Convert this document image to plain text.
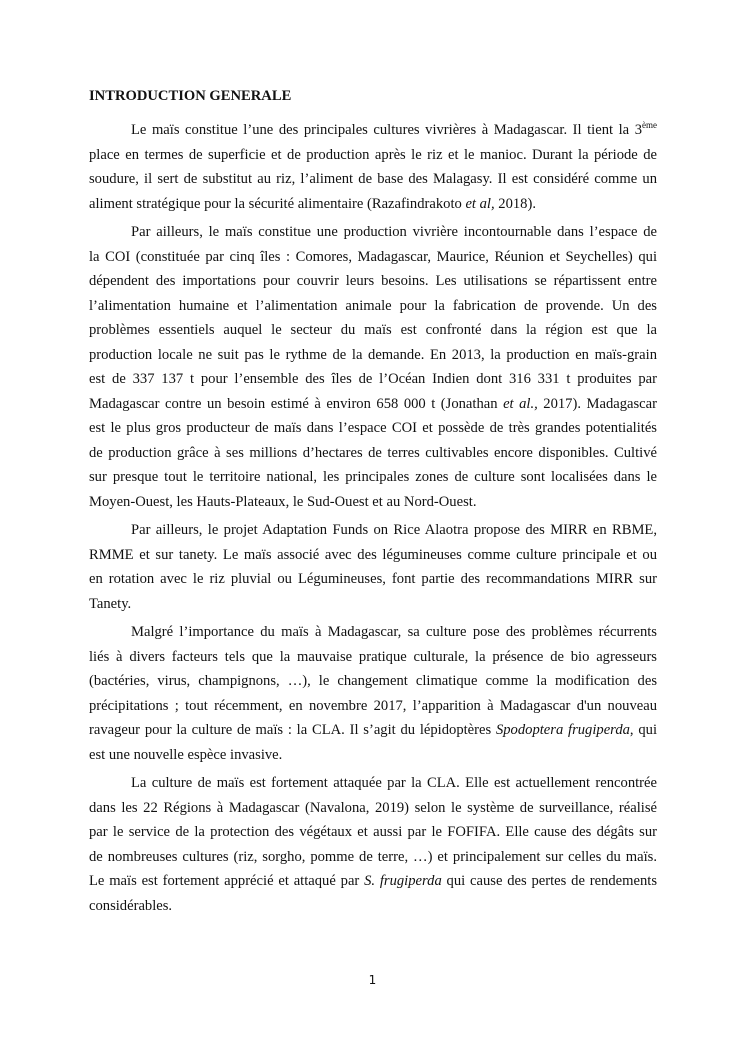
INTRODUCTION GENERALE
Le maïs constitue l’une des principales cultures vivrières à Madagascar. Il tient la 3ème
place en termes de superficie et de production après le riz et le manioc. Durant la période de
soudure, il sert de substitut au riz, l’aliment de base des Malagasy. Il est considéré comme un
aliment stratégique pour la sécurité alimentaire (Razafindrakoto et al, 2018).
Par ailleurs, le maïs constitue une production vivrière incontournable dans l’espace de
la COI (constituée par cinq îles : Comores, Madagascar, Maurice, Réunion et Seychelles) qui
dépendent des importations pour couvrir leurs besoins. Les utilisations se répartissent entre
l’alimentation humaine et l’alimentation animale pour la fabrication de provende. Un des
problèmes essentiels auquel le secteur du maïs est confronté dans la région est que la
production locale ne suit pas le rythme de la demande. En 2013, la production en maïs-grain
est de 337 137 t pour l’ensemble des îles de l’Océan Indien dont 316 331 t produites par
Madagascar contre un besoin estimé à environ 658 000 t (Jonathan et al., 2017). Madagascar
est le plus gros producteur de maïs dans l’espace COI et possède de très grandes potentialités
de production grâce à ses millions d’hectares de terres cultivables encore disponibles. Cultivé
sur presque tout le territoire national, les principales zones de culture sont localisées dans le
Moyen-Ouest, les Hauts-Plateaux, le Sud-Ouest et au Nord-Ouest.
Par ailleurs, le projet Adaptation Funds on Rice Alaotra propose des MIRR en RBME,
RMME et sur tanety. Le maïs associé avec des légumineuses comme culture principale et ou
en rotation avec le riz pluvial ou Légumineuses, font partie des recommandations MIRR sur
Tanety.
Malgré l’importance du maïs à Madagascar, sa culture pose des problèmes récurrents
liés à divers facteurs tels que la mauvaise pratique culturale, la présence de bio agresseurs
(bactéries, virus, champignons, …), le changement climatique comme la modification des
précipitations ; tout récemment, en novembre 2017, l’apparition à Madagascar d'un nouveau
ravageur pour la culture de maïs : la CLA. Il s’agit du lépidoptères Spodoptera frugiperda, qui
est une nouvelle espèce invasive.
La culture de maïs est fortement attaquée par la CLA. Elle est actuellement rencontrée
dans les 22 Régions à Madagascar (Navalona, 2019) selon le système de surveillance, réalisé
par le service de la protection des végétaux et aussi par le FOFIFA. Elle cause des dégâts sur
de nombreuses cultures (riz, sorgho, pomme de terre, …) et principalement sur celles du maïs.
Le maïs est fortement apprécié et attaqué par S. frugiperda qui cause des pertes de rendements
considérables.
1
